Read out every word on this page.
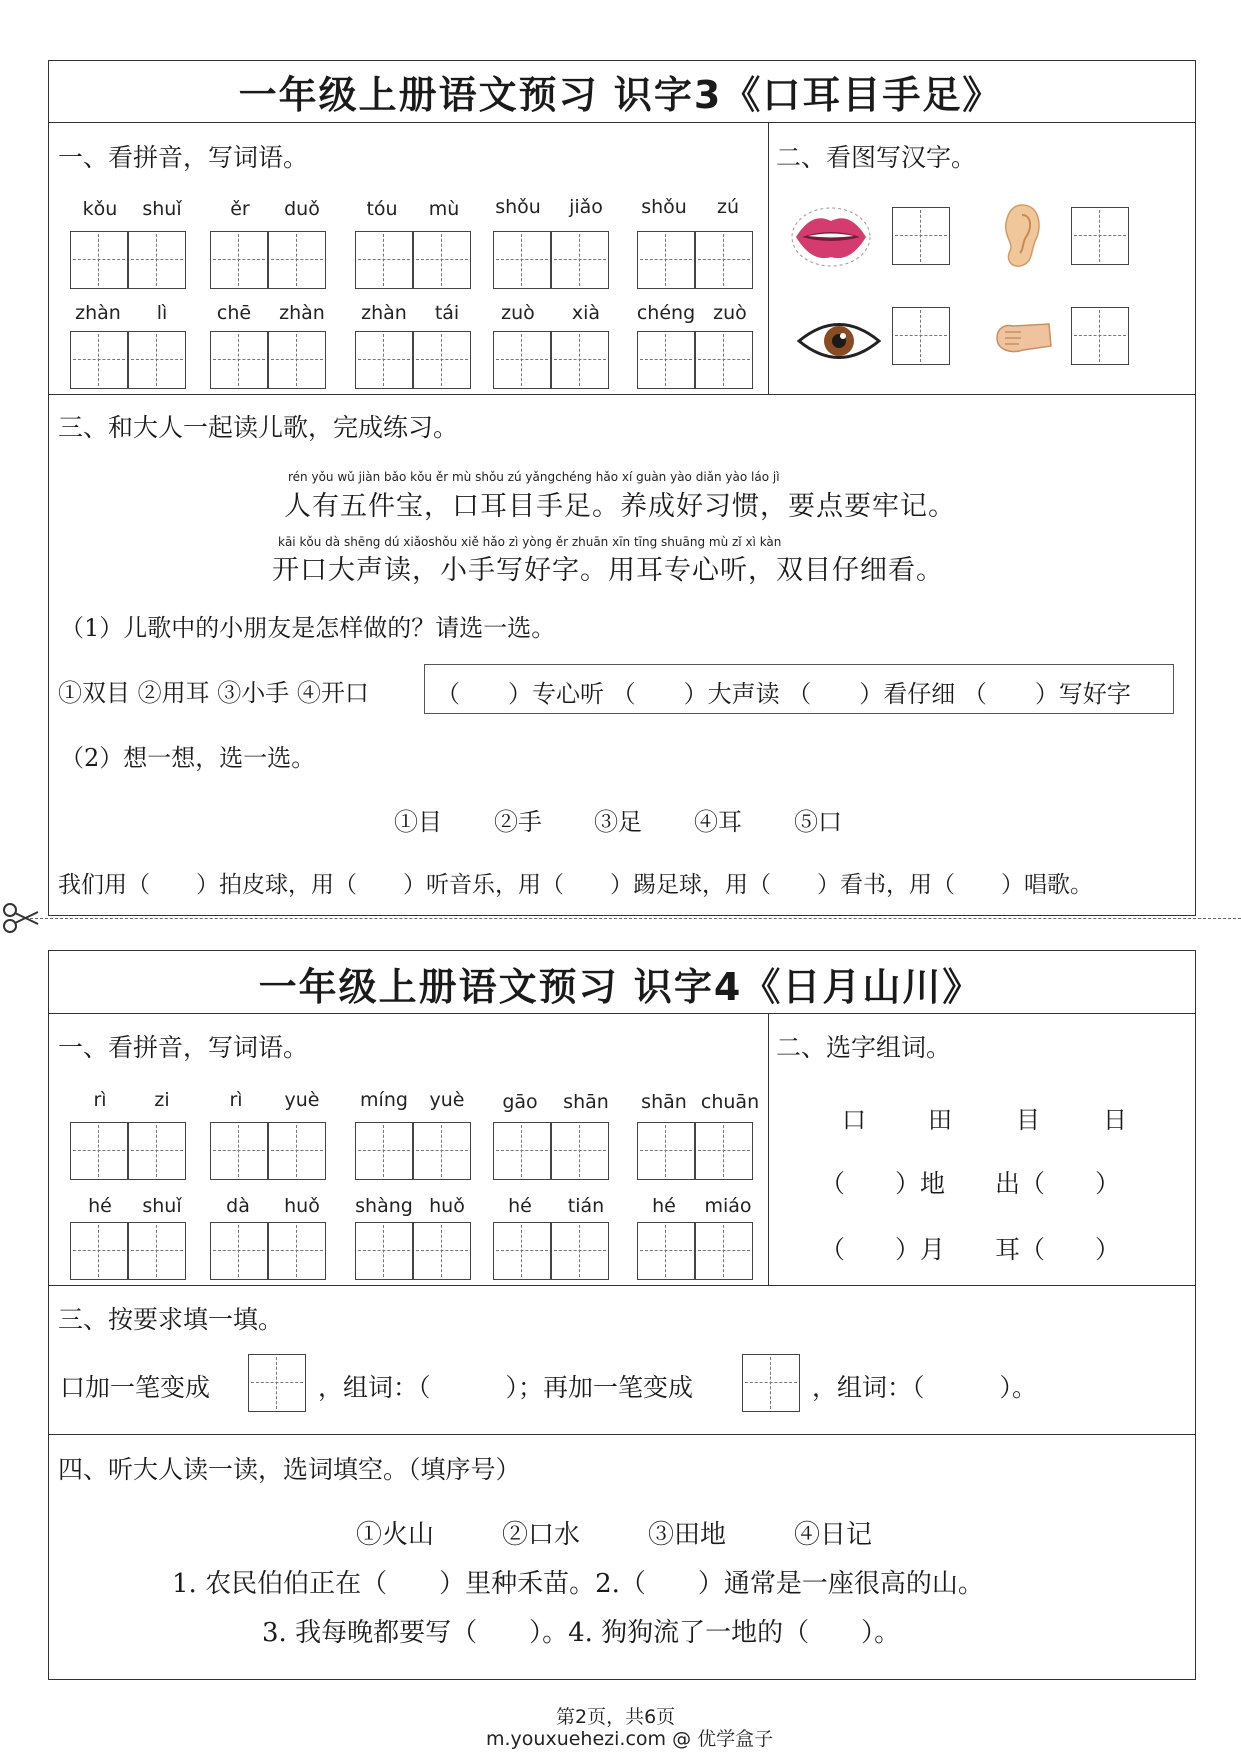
一年级上册语文预习 识字3《口耳目手足》
一、看拼音，写词语。	二、看图写汉字。
kǒu	shuǐ	ěr	duǒ	tóu	mù	shǒu	jiǎo	shǒu	zú
zhàn	lì	chē	zhàn	zhàn	tái	zuò	xià	chéng zuò
三、和大人一起读儿歌，完成练习。
rén yǒu wǔ jiàn bǎo kǒu ěr mù shǒu zú yǎngchéng hǎo xí guàn yào diǎn yào láo jì
人有五件宝，口耳目手足。养成好习惯，要点要牢记。
kāi kǒu dà shēng dú xiǎoshǒu xiě hǎo zì yòng ěr zhuān xīn tīng shuāng mù zǐ xì kàn
开口大声读，小手写好字。用耳专心听，双目仔细看。
（1）儿歌中的小朋友是怎样做的？请选一选。
①双目 ②用耳 ③小手 ④开口	（　　）专心听 （　　）大声读 （　　）看仔细 （　　）写好字
（2）想一想，选一选。
①目 ②手 ③足 ④耳 ⑤口
我们用（　　）拍皮球，用（　　）听音乐，用（　　）踢足球，用（　　）看书，用（　　）唱歌。
一年级上册语文预习 识字4《日月山川》
一、看拼音，写词语。	二、选字组词。
rì	zi	rì	yuè	míng	yuè	gāo	shān	shān chuān
hé	shuǐ	dà	huǒ	shàng huǒ	hé	tián	hé	miáo
口	田	目	日
（　　）地　　出（　　）
（　　）月　　耳（　　）
三、按要求填一填。
口加一笔变成	，组词：（　　　）；再加一笔变成	，组词：（　　　）。
四、听大人读一读，选词填空。（填序号）
①火山	②口水	③田地	④日记
1. 农民伯伯正在（　　）里种禾苗。2.（　　）通常是一座很高的山。
3. 我每晚都要写（　　）。4. 狗狗流了一地的（　　）。
第2页，共6页
m.youxuehezi.com @ 优学盒子
